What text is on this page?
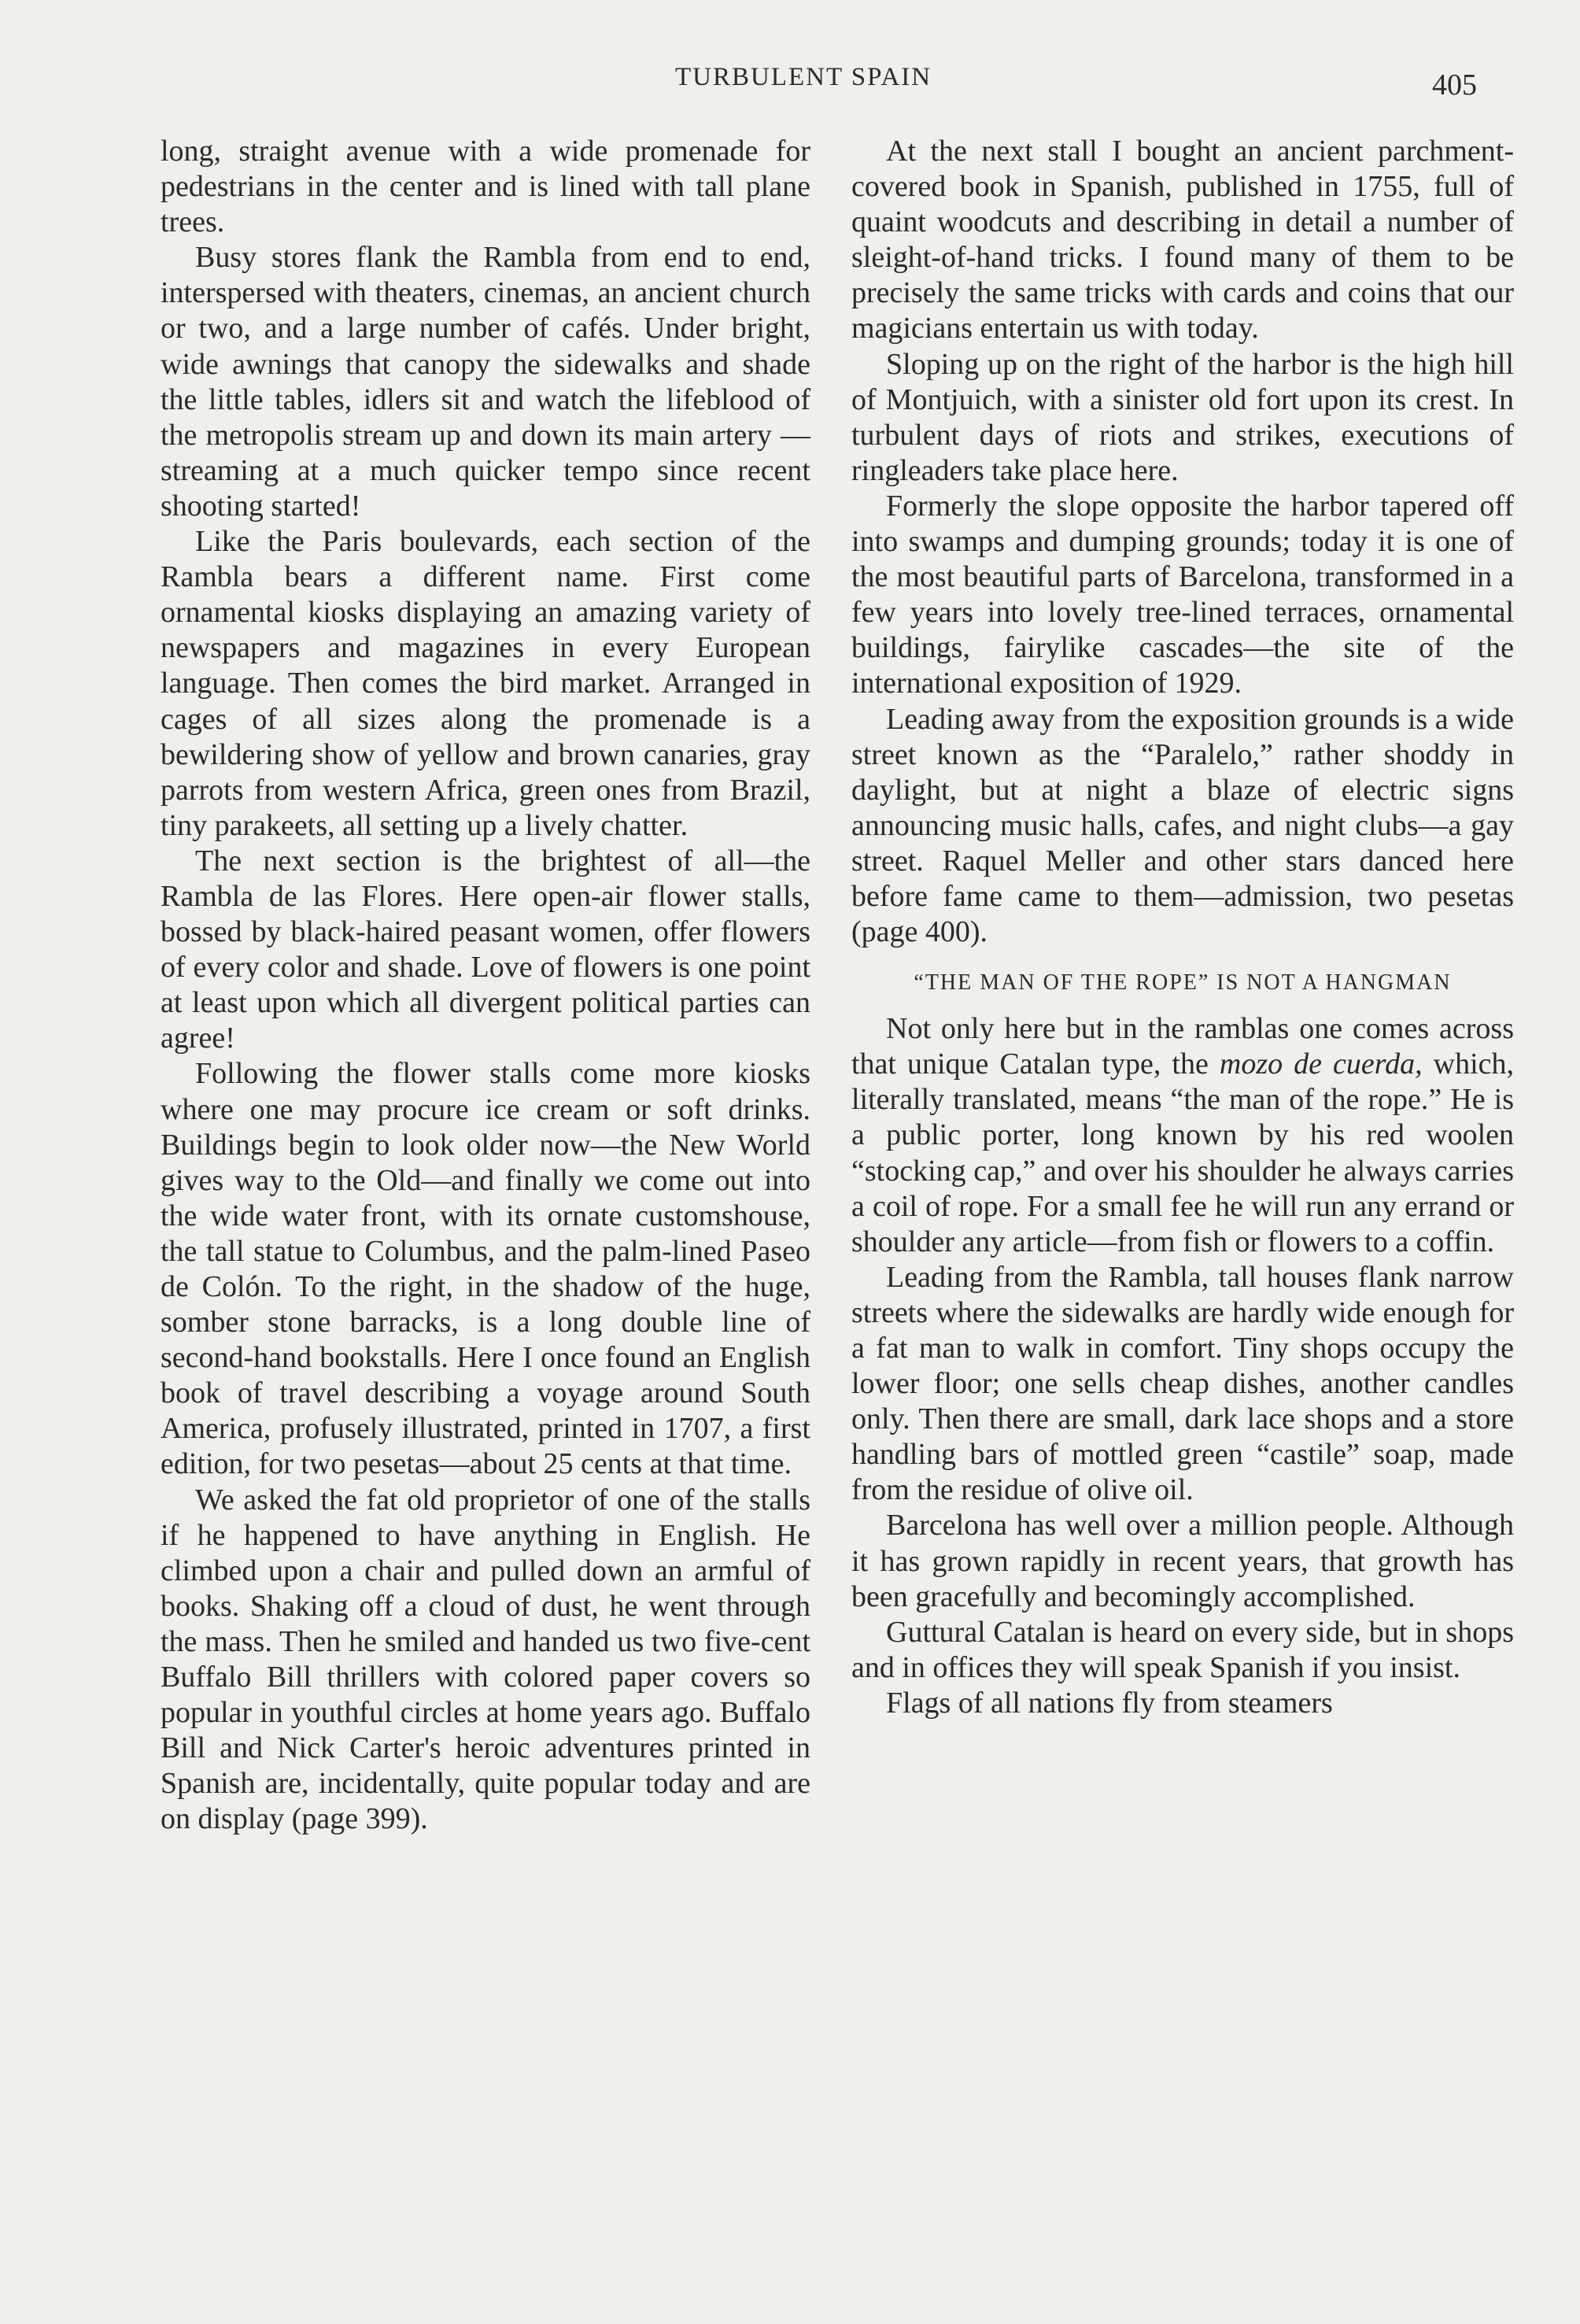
TURBULENT SPAIN	405

long, straight avenue with a wide promenade for pedestrians in the center and is lined with tall plane trees.

Busy stores flank the Rambla from end to end, interspersed with theaters, cinemas, an ancient church or two, and a large number of cafés. Under bright, wide awnings that canopy the sidewalks and shade the little tables, idlers sit and watch the lifeblood of the metropolis stream up and down its main artery — streaming at a much quicker tempo since recent shooting started!

Like the Paris boulevards, each section of the Rambla bears a different name. First come ornamental kiosks displaying an amazing variety of newspapers and magazines in every European language. Then comes the bird market. Arranged in cages of all sizes along the promenade is a bewildering show of yellow and brown canaries, gray parrots from western Africa, green ones from Brazil, tiny parakeets, all setting up a lively chatter.

The next section is the brightest of all—the Rambla de las Flores. Here open-air flower stalls, bossed by black-haired peasant women, offer flowers of every color and shade. Love of flowers is one point at least upon which all divergent political parties can agree!

Following the flower stalls come more kiosks where one may procure ice cream or soft drinks. Buildings begin to look older now—the New World gives way to the Old—and finally we come out into the wide water front, with its ornate customshouse, the tall statue to Columbus, and the palm-lined Paseo de Colón. To the right, in the shadow of the huge, somber stone barracks, is a long double line of second-hand bookstalls. Here I once found an English book of travel describing a voyage around South America, profusely illustrated, printed in 1707, a first edition, for two pesetas—about 25 cents at that time.

We asked the fat old proprietor of one of the stalls if he happened to have anything in English. He climbed upon a chair and pulled down an armful of books. Shaking off a cloud of dust, he went through the mass. Then he smiled and handed us two five-cent Buffalo Bill thrillers with colored paper covers so popular in youthful circles at home years ago. Buffalo Bill and Nick Carter's heroic adventures printed in Spanish are, incidentally, quite popular today and are on display (page 399).

At the next stall I bought an ancient parchment-covered book in Spanish, published in 1755, full of quaint woodcuts and describing in detail a number of sleight-of-hand tricks. I found many of them to be precisely the same tricks with cards and coins that our magicians entertain us with today.

Sloping up on the right of the harbor is the high hill of Montjuich, with a sinister old fort upon its crest. In turbulent days of riots and strikes, executions of ringleaders take place here.

Formerly the slope opposite the harbor tapered off into swamps and dumping grounds; today it is one of the most beautiful parts of Barcelona, transformed in a few years into lovely tree-lined terraces, ornamental buildings, fairylike cascades—the site of the international exposition of 1929.

Leading away from the exposition grounds is a wide street known as the “Paralelo,” rather shoddy in daylight, but at night a blaze of electric signs announcing music halls, cafes, and night clubs—a gay street. Raquel Meller and other stars danced here before fame came to them—admission, two pesetas (page 400).

“THE MAN OF THE ROPE” IS NOT A HANGMAN

Not only here but in the ramblas one comes across that unique Catalan type, the mozo de cuerda, which, literally translated, means “the man of the rope.” He is a public porter, long known by his red woolen “stocking cap,” and over his shoulder he always carries a coil of rope. For a small fee he will run any errand or shoulder any article—from fish or flowers to a coffin.

Leading from the Rambla, tall houses flank narrow streets where the sidewalks are hardly wide enough for a fat man to walk in comfort. Tiny shops occupy the lower floor; one sells cheap dishes, another candles only. Then there are small, dark lace shops and a store handling bars of mottled green “castile” soap, made from the residue of olive oil.

Barcelona has well over a million people. Although it has grown rapidly in recent years, that growth has been gracefully and becomingly accomplished.

Guttural Catalan is heard on every side, but in shops and in offices they will speak Spanish if you insist.

Flags of all nations fly from steamers
